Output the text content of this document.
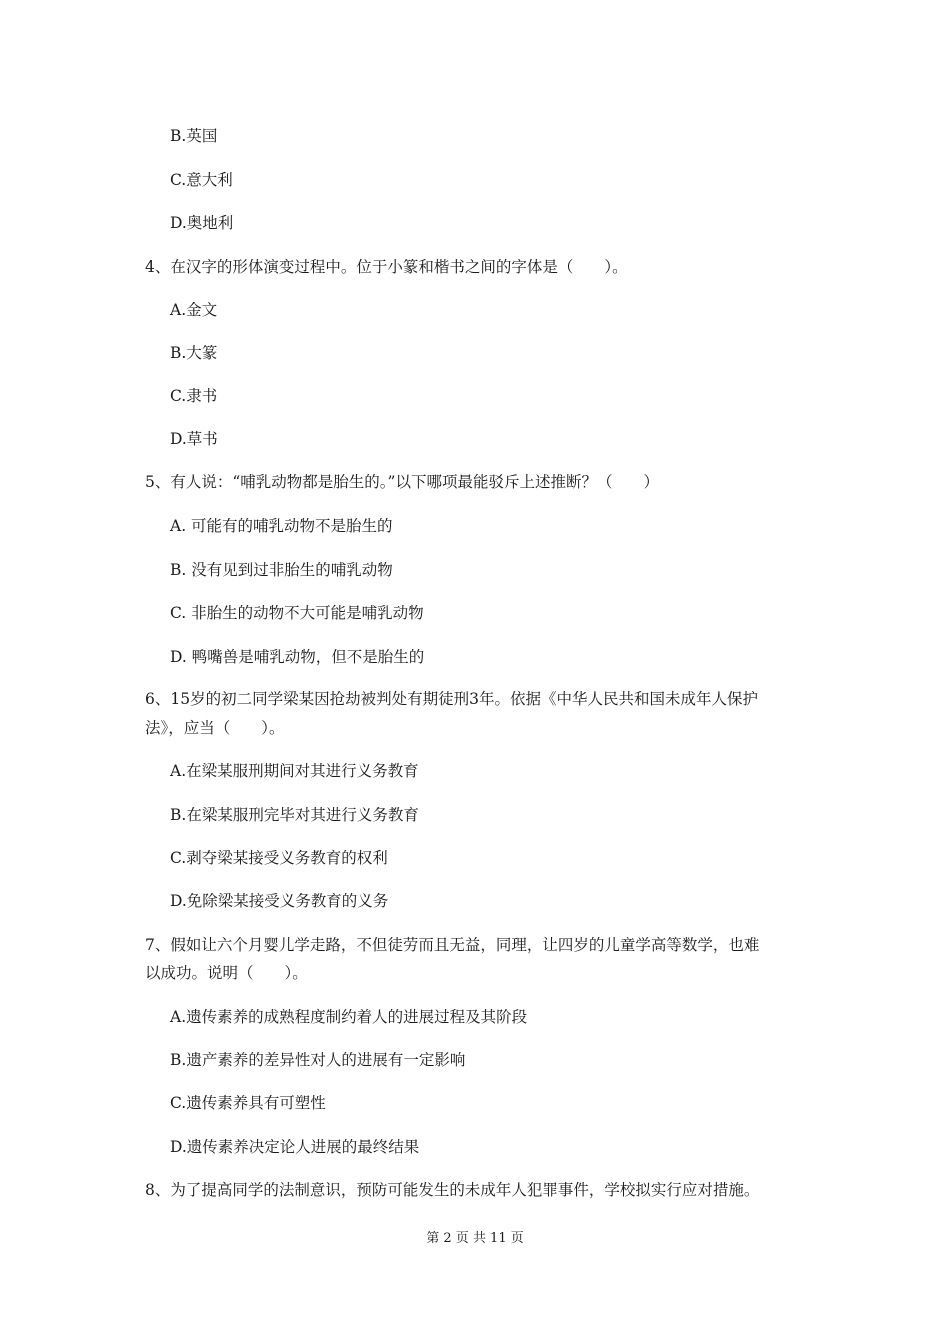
B.英国
C.意大利
D.奥地利
4、在汉字的形体演变过程中。位于小篆和楷书之间的字体是（　　）。
A.金文
B.大篆
C.隶书
D.草书
5、有人说：“哺乳动物都是胎生的。”以下哪项最能驳斥上述推断？（　　）
A. 可能有的哺乳动物不是胎生的
B. 没有见到过非胎生的哺乳动物
C. 非胎生的动物不大可能是哺乳动物
D. 鸭嘴兽是哺乳动物，但不是胎生的
6、15岁的初二同学梁某因抢劫被判处有期徒刑3年。依据《中华人民共和国未成年人保护
法》，应当（　　）。
A.在梁某服刑期间对其进行义务教育
B.在梁某服刑完毕对其进行义务教育
C.剥夺梁某接受义务教育的权利
D.免除梁某接受义务教育的义务
7、假如让六个月婴儿学走路，不但徒劳而且无益，同理，让四岁的儿童学高等数学，也难
以成功。说明（　　）。
A.遗传素养的成熟程度制约着人的进展过程及其阶段
B.遗产素养的差异性对人的进展有一定影响
C.遗传素养具有可塑性
D.遗传素养决定论人进展的最终结果
8、为了提高同学的法制意识，预防可能发生的未成年人犯罪事件，学校拟实行应对措施。
第 2 页 共 11 页
